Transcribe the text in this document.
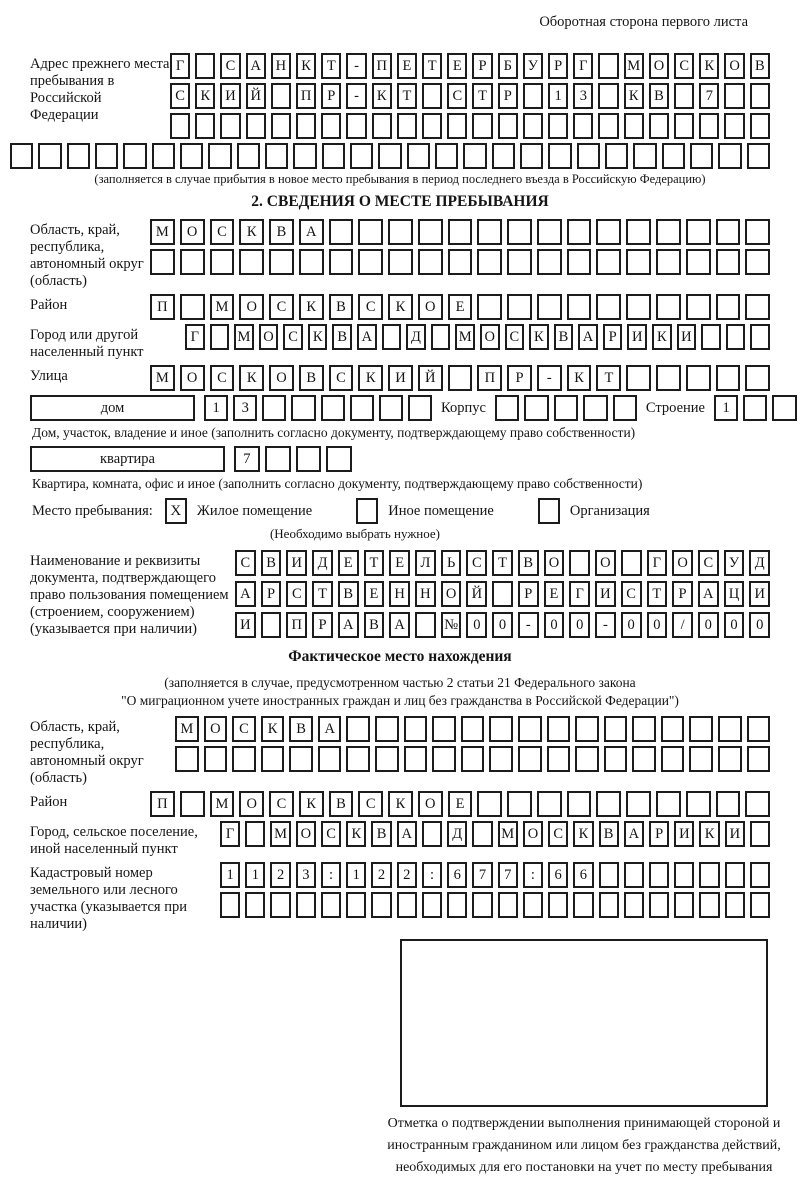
Оборотная сторона первого листа
Адрес прежнего места пребывания в Российской Федерации
Г	С	А	Н	К	Т	-	П	Е	Т	Е	Р	Б	У	Р	Г	М О	С	К	О	В
С	К	И	Й	П	Р	-	К	Т	С	Т	Р	1	3	К	В	7
(заполняется в случае прибытия в новое место пребывания в период последнего въезда в Российскую Федерацию)
2. СВЕДЕНИЯ О МЕСТЕ ПРЕБЫВАНИЯ
Область, край, республика, автономный округ (область)
М	О	С	К	В	А
Район	П	М	О	С	К	В	С	К	О	Е
Город или другой населенный пункт
Г	М О	С	К	В	А	Д	М О	С	К	В	А	Р	И	К	И
Улица	М	О	С	К	О	В	С	К	И	Й	П	Р	-	К	Т
дом	1	3	Корпус	Строение	1
Дом, участок, владение и иное (заполнить согласно документу, подтверждающему право собственности)
квартира	7
Квартира, комната, офис и иное (заполнить согласно документу, подтверждающему право собственности)
Место пребывания:	X	Жилое помещение	Иное помещение	Организация
(Необходимо выбрать нужное)
Наименование и реквизиты документа, подтверждающего право пользования помещением (строением, сооружением) (указывается при наличии)
С	В	И	Д	Е	Т	Е	Л	Ь	С	Т	В	О	О	Г	О	С	У	Д
А	Р	С	Т	В	Е	Н	Н	О	Й	Р	Е	Г	И	С	Т	Р	А	Ц	И
И	П	Р	А	В	А	№	0	0	-	0	0	-	0	0	/	0	0	0
Фактическое место нахождения
(заполняется в случае, предусмотренном частью 2 статьи 21 Федерального закона
"О миграционном учете иностранных граждан и лиц без гражданства в Российской Федерации")
Область, край, республика, автономный округ (область)
М	О	С	К	В	А
Район	П	М	О	С	К	В	С	К	О	Е
Город, сельское поселение, иной населенный пункт
Г	М О	С	К	В	А	Д	М О	С	К	В	А	Р	И	К	И
Кадастровый номер земельного или лесного участка (указывается при наличии)
1	1	2	3	:	1	2	2	:	6	7	7	:	6	6
Отметка о подтверждении выполнения принимающей стороной и иностранным гражданином или лицом без гражданства действий, необходимых для его постановки на учет по месту пребывания
